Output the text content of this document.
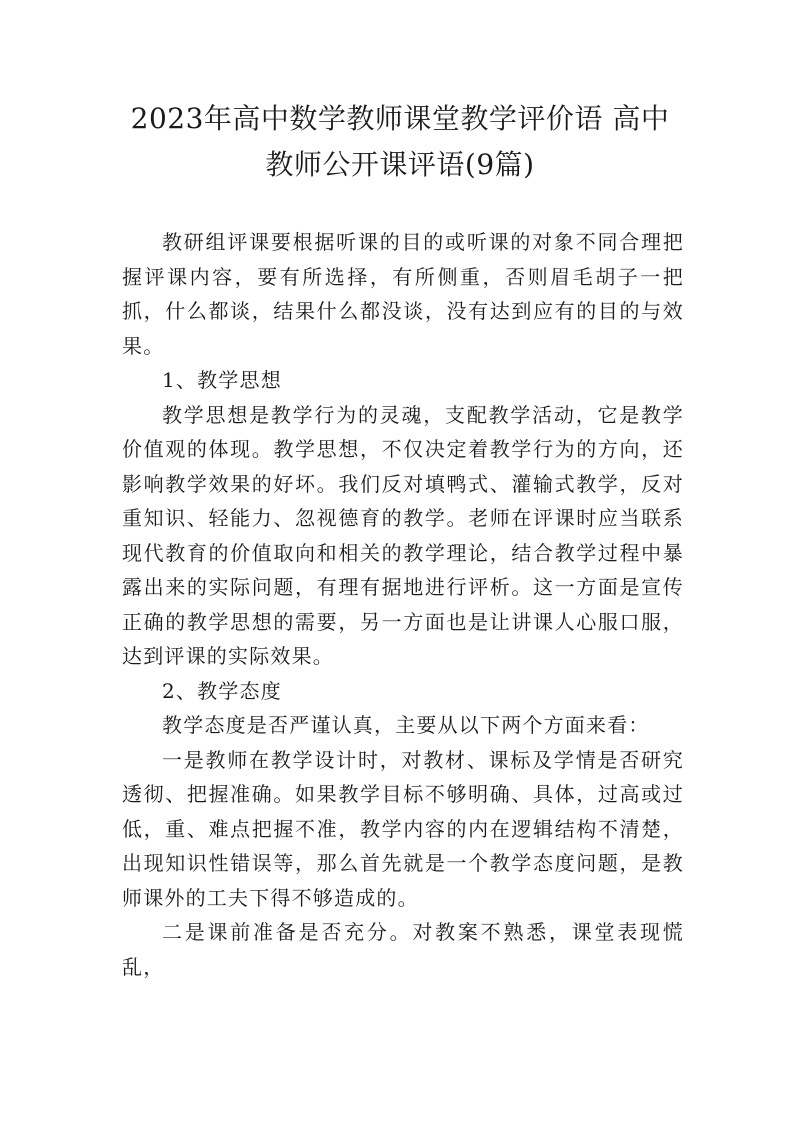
2023年高中数学教师课堂教学评价语 高中
教师公开课评语(9篇)

教研组评课要根据听课的目的或听课的对象不同合理把握评课内容，要有所选择，有所侧重，否则眉毛胡子一把抓，什么都谈，结果什么都没谈，没有达到应有的目的与效果。

1、教学思想

教学思想是教学行为的灵魂，支配教学活动，它是教学价值观的体现。教学思想，不仅决定着教学行为的方向，还影响教学效果的好坏。我们反对填鸭式、灌输式教学，反对重知识、轻能力、忽视德育的教学。老师在评课时应当联系现代教育的价值取向和相关的教学理论，结合教学过程中暴露出来的实际问题，有理有据地进行评析。这一方面是宣传正确的教学思想的需要，另一方面也是让讲课人心服口服，达到评课的实际效果。

2、教学态度

教学态度是否严谨认真，主要从以下两个方面来看：

一是教师在教学设计时，对教材、课标及学情是否研究透彻、把握准确。如果教学目标不够明确、具体，过高或过低，重、难点把握不准，教学内容的内在逻辑结构不清楚，出现知识性错误等，那么首先就是一个教学态度问题，是教师课外的工夫下得不够造成的。

二是课前准备是否充分。对教案不熟悉，课堂表现慌乱，
